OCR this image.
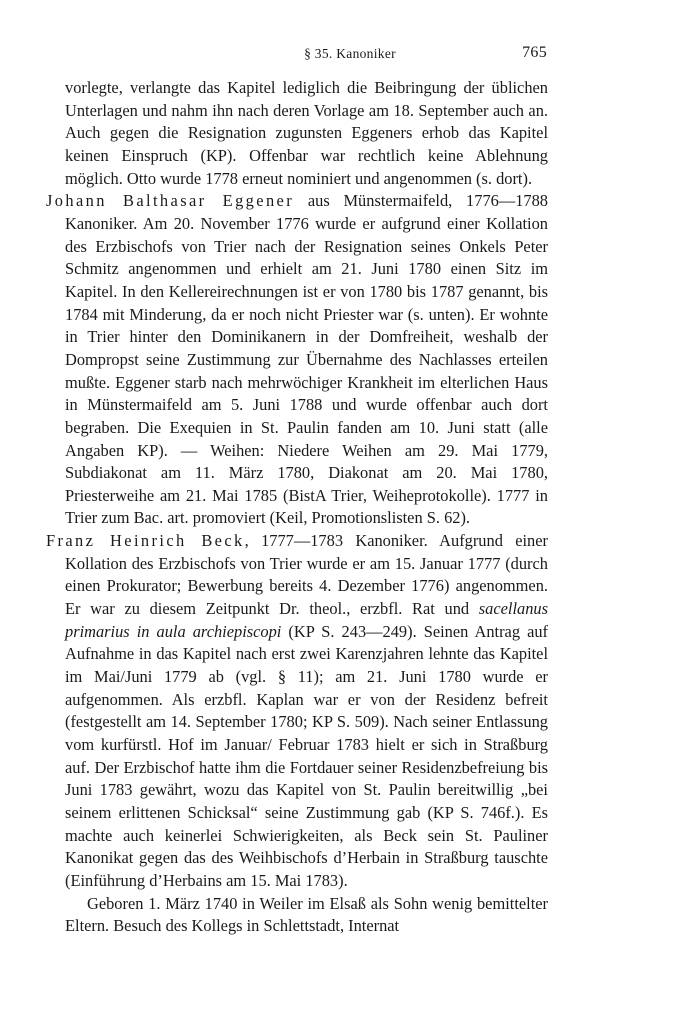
§ 35. Kanoniker	765

vorlegte, verlangte das Kapitel lediglich die Beibringung der üblichen Unterlagen und nahm ihn nach deren Vorlage am 18. September auch an. Auch gegen die Resignation zugunsten Eggeners erhob das Kapitel keinen Einspruch (KP). Offenbar war rechtlich keine Ablehnung möglich. Otto wurde 1778 erneut nominiert und angenommen (s. dort).

Johann Balthasar Eggener aus Münstermaifeld, 1776—1788 Kanoniker. Am 20. November 1776 wurde er aufgrund einer Kollation des Erzbischofs von Trier nach der Resignation seines Onkels Peter Schmitz angenommen und erhielt am 21. Juni 1780 einen Sitz im Kapitel. In den Kellereirechnungen ist er von 1780 bis 1787 genannt, bis 1784 mit Minderung, da er noch nicht Priester war (s. unten). Er wohnte in Trier hinter den Dominikanern in der Domfreiheit, weshalb der Dompropst seine Zustimmung zur Übernahme des Nachlasses erteilen mußte. Eggener starb nach mehrwöchiger Krankheit im elterlichen Haus in Münstermaifeld am 5. Juni 1788 und wurde offenbar auch dort begraben. Die Exequien in St. Paulin fanden am 10. Juni statt (alle Angaben KP). — Weihen: Niedere Weihen am 29. Mai 1779, Subdiakonat am 11. März 1780, Diakonat am 20. Mai 1780, Priesterweihe am 21. Mai 1785 (BistA Trier, Weiheprotokolle). 1777 in Trier zum Bac. art. promoviert (Keil, Promotionslisten S. 62).

Franz Heinrich Beck, 1777—1783 Kanoniker. Aufgrund einer Kollation des Erzbischofs von Trier wurde er am 15. Januar 1777 (durch einen Prokurator; Bewerbung bereits 4. Dezember 1776) angenommen. Er war zu diesem Zeitpunkt Dr. theol., erzbfl. Rat und sacellanus primarius in aula archiepiscopi (KP S. 243—249). Seinen Antrag auf Aufnahme in das Kapitel nach erst zwei Karenzjahren lehnte das Kapitel im Mai/Juni 1779 ab (vgl. § 11); am 21. Juni 1780 wurde er aufgenommen. Als erzbfl. Kaplan war er von der Residenz befreit (festgestellt am 14. September 1780; KP S. 509). Nach seiner Entlassung vom kurfürstl. Hof im Januar/ Februar 1783 hielt er sich in Straßburg auf. Der Erzbischof hatte ihm die Fortdauer seiner Residenzbefreiung bis Juni 1783 gewährt, wozu das Kapitel von St. Paulin bereitwillig „bei seinem erlittenen Schicksal“ seine Zustimmung gab (KP S. 746f.). Es machte auch keinerlei Schwierigkeiten, als Beck sein St. Pauliner Kanonikat gegen das des Weihbischofs d’Herbain in Straßburg tauschte (Einführung d’Herbains am 15. Mai 1783).

Geboren 1. März 1740 in Weiler im Elsaß als Sohn wenig bemittelter Eltern. Besuch des Kollegs in Schlettstadt, Internat
